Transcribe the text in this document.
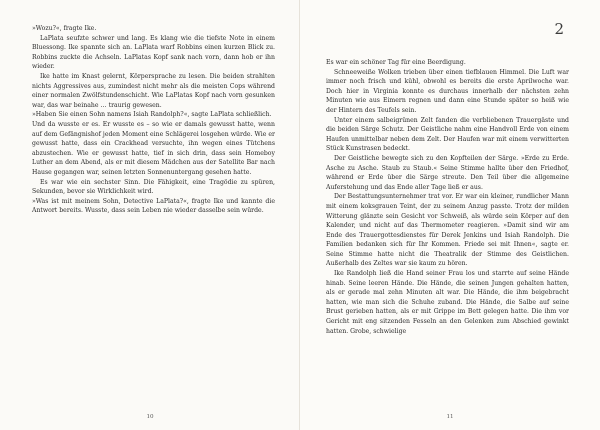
»Wozu?«, fragte Ike.

LaPlata seufzte schwer und lang. Es klang wie die tiefste Note in einem Bluessong. Ike spannte sich an. LaPlata warf Robbins einen kurzen Blick zu. Robbins zuckte die Achseln. LaPlatas Kopf sank nach vorn, dann hob er ihn wieder.

Ike hatte im Knast gelernt, Körpersprache zu lesen. Die beiden strahlten nichts Aggressives aus, zumindest nicht mehr als die meisten Cops während einer normalen Zwölfstundenschicht. Wie LaPlatas Kopf nach vorn gesunken war, das war beinahe … traurig gewesen.

»Haben Sie einen Sohn namens Isiah Randolph?«, sagte LaPlata schließlich.

Und da wusste er es. Er wusste es – so wie er damals gewusst hatte, wenn auf dem Gefängnishof jeden Moment eine Schlägerei losgehen würde. Wie er gewusst hatte, dass ein Crackhead versuchte, ihn wegen eines Tütchens abzustechen. Wie er gewusst hatte, tief in sich drin, dass sein Homeboy Luther an dem Abend, als er mit diesem Mädchen aus der Satellite Bar nach Hause gegangen war, seinen letzten Sonnenuntergang gesehen hatte.

Es war wie ein sechster Sinn. Die Fähigkeit, eine Tragödie zu spüren, Sekunden, bevor sie Wirklichkeit wird.

»Was ist mit meinem Sohn, Detective LaPlata?«, fragte Ike und kannte die Antwort bereits. Wusste, dass sein Leben nie wieder dasselbe sein würde.

10
2

Es war ein schöner Tag für eine Beerdigung.

Schneeweiße Wolken trieben über einen tiefblauen Himmel. Die Luft war immer noch frisch und kühl, obwohl es bereits die erste Aprilwoche war. Doch hier in Virginia konnte es durchaus innerhalb der nächsten zehn Minuten wie aus Eimern regnen und dann eine Stunde später so heiß wie der Hintern des Teufels sein.

Unter einem salbeigrünen Zelt fanden die verbliebenen Trauergäste und die beiden Särge Schutz. Der Geistliche nahm eine Handvoll Erde von einem Haufen unmittelbar neben dem Zelt. Der Haufen war mit einem verwitterten Stück Kunstrasen bedeckt.

Der Geistliche bewegte sich zu den Kopfteilen der Särge. »Erde zu Erde. Asche zu Asche. Staub zu Staub.« Seine Stimme hallte über den Friedhof, während er Erde über die Särge streute. Den Teil über die allgemeine Auferstehung und das Ende aller Tage ließ er aus.

Der Bestattungsunternehmer trat vor. Er war ein kleiner, rundlicher Mann mit einem koksgrauen Teint, der zu seinem Anzug passte. Trotz der milden Witterung glänzte sein Gesicht vor Schweiß, als würde sein Körper auf den Kalender, und nicht auf das Thermometer reagieren. »Damit sind wir am Ende des Trauergottesdienstes für Derek Jenkins und Isiah Randolph. Die Familien bedanken sich für Ihr Kommen. Friede sei mit Ihnen«, sagte er. Seine Stimme hatte nicht die Theatralik der Stimme des Geistlichen. Außerhalb des Zeltes war sie kaum zu hören.

Ike Randolph ließ die Hand seiner Frau los und starrte auf seine Hände hinab. Seine leeren Hände. Die Hände, die seinen Jungen gehalten hatten, als er gerade mal zehn Minuten alt war. Die Hände, die ihm beigebracht hatten, wie man sich die Schuhe zuband. Die Hände, die Salbe auf seine Brust gerieben hatten, als er mit Grippe im Bett gelegen hatte. Die ihm vor Gericht mit eng sitzenden Fesseln an den Gelenken zum Abschied gewinkt hatten. Grobe, schwielige

11
